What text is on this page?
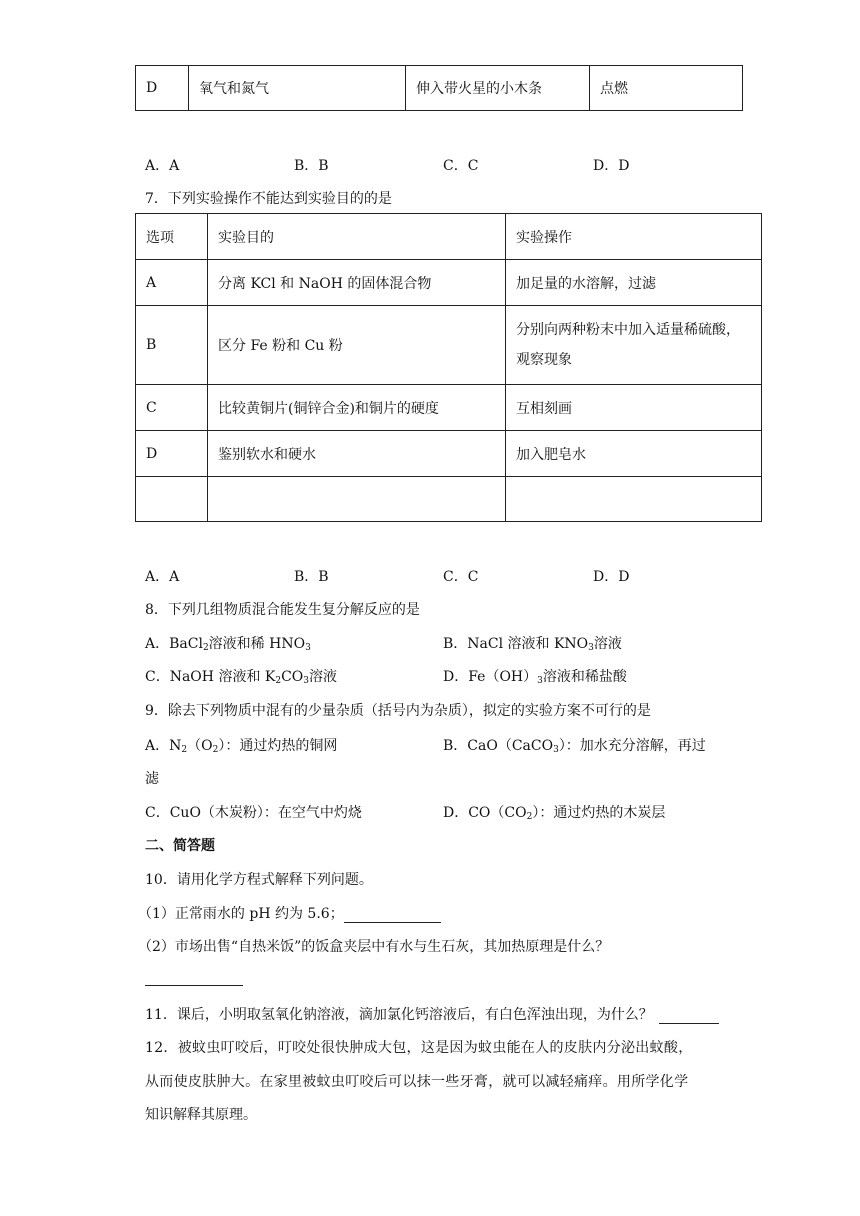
D	氧气和氮气	伸入带火星的小木条	点燃
A．A	B．B	C．C	D．D
7．下列实验操作不能达到实验目的的是
选项	实验目的	实验操作
A	分离 KCl 和 NaOH 的固体混合物	加足量的水溶解，过滤
B	区分 Fe 粉和 Cu 粉	分别向两种粉末中加入适量稀硫酸，
观察现象

C	比较黄铜片(铜锌合金)和铜片的硬度	互相刻画
D	鉴别软水和硬水	加入肥皂水

A．A	B．B	C．C	D．D
8．下列几组物质混合能发生复分解反应的是
A．BaCl$_2$溶液和稀 $HNO_3$	B．NaCl 溶液和 $KNO_3$溶液
C．NaOH 溶液和 $K_2CO_3$溶液	D．$Fe(OH)_3$溶液和稀盐酸
9．除去下列物质中混有的少量杂质（括号内为杂质），拟定的实验方案不可行的是
A．$N_2(O_2)$：通过灼热的铜网	B．CaO（CaCO$_3$）：加水充分溶解，再过
滤
C．CuO（木炭粉）：在空气中灼烧	D．$CO(CO_2)$：通过灼热的木炭层
二、简答题
10．请用化学方程式解释下列问题。
（1）正常雨水的 pH 约为 5.6；
（2）市场出售“自热米饭”的饭盒夹层中有水与生石灰，其加热原理是什么？
11．课后，小明取氢氧化钠溶液，滴加氯化钙溶液后，有白色浑浊出现，为什么？
12．被蚊虫叮咬后，叮咬处很快肿成大包，这是因为蚊虫能在人的皮肤内分泌出蚊酸，
从而使皮肤肿大。在家里被蚊虫叮咬后可以抹一些牙膏，就可以减轻痛痒。用所学化学
知识解释其原理。
